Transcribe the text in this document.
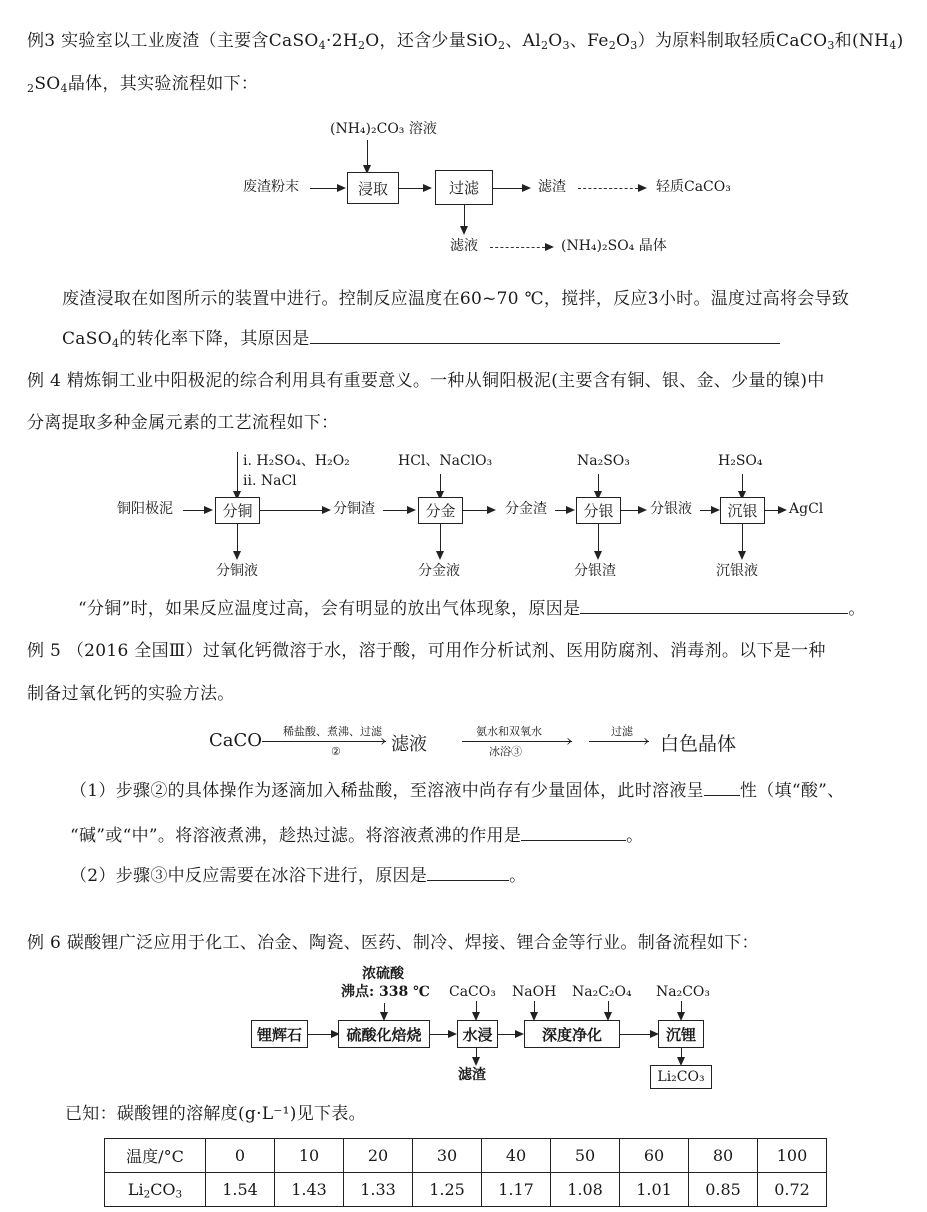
例3 实验室以工业废渣（主要含$CaSO_4\cdot 2H_2O$，还含少量SiO$_2$、$Al_2O_3$、$Fe_2O_3$）为原料制取轻质CaCO$_3$和$(NH_4)$
$_2SO_4$晶体，其实验流程如下：
(NH₄)₂CO₃ 溶液
废渣粉末	浸取	过滤	滤渣	轻质CaCO₃
滤液	(NH₄)₂SO₄ 晶体
废渣浸取在如图所示的装置中进行。控制反应温度在60~70 ℃，搅拌，反应3小时。温度过高将会导致
CaSO$_4$的转化率下降，其原因是
例 4 精炼铜工业中阳极泥的综合利用具有重要意义。一种从铜阳极泥(主要含有铜、银、金、少量的镍)中
分离提取多种金属元素的工艺流程如下：
i. H₂SO₄、H₂O₂
ii. NaCl
铜阳极泥	分铜
分铜液
分铜渣
HCl、NaClO₃
分金
分金液
分金渣
Na₂SO₃
分银
分银渣
分银液
H₂SO₄
沉银
沉银液
AgCl
“分铜”时，如果反应温度过高，会有明显的放出气体现象，原因是	。
例 5 （2016 全国Ⅲ）过氧化钙微溶于水，溶于酸，可用作分析试剂、医用防腐剂、消毒剂。以下是一种
制备过氧化钙的实验方法。
CaCO 稀盐酸、煮沸、过滤
›
②	滤液
氨水和双氧水 ›
冰浴③
过滤 › 白色晶体
（1）步骤②的具体操作为逐滴加入稀盐酸，至溶液中尚存有少量固体，此时溶液呈 性（填“酸”、
“碱”或“中”。将溶液煮沸，趁热过滤。将溶液煮沸的作用是	。
（2）步骤③中反应需要在冰浴下进行，原因是	。
例 6 碳酸锂广泛应用于化工、冶金、陶瓷、医药、制冷、焊接、锂合金等行业。制备流程如下：
浓硫酸
沸点: 338 ℃
锂辉石	硫酸化焙烧
CaCO₃
水浸
滤渣
NaOH Na₂C₂O₄
深度净化
Na₂CO₃
沉锂
Li₂CO₃
已知：碳酸锂的溶解度(g·L⁻¹)见下表。
温度/°C	0	10	20	30	40	50	60	80	100
$Li_2CO_3$	1.54	1.43	1.33	1.25	1.17	1.08	1.01	0.85	0.72
